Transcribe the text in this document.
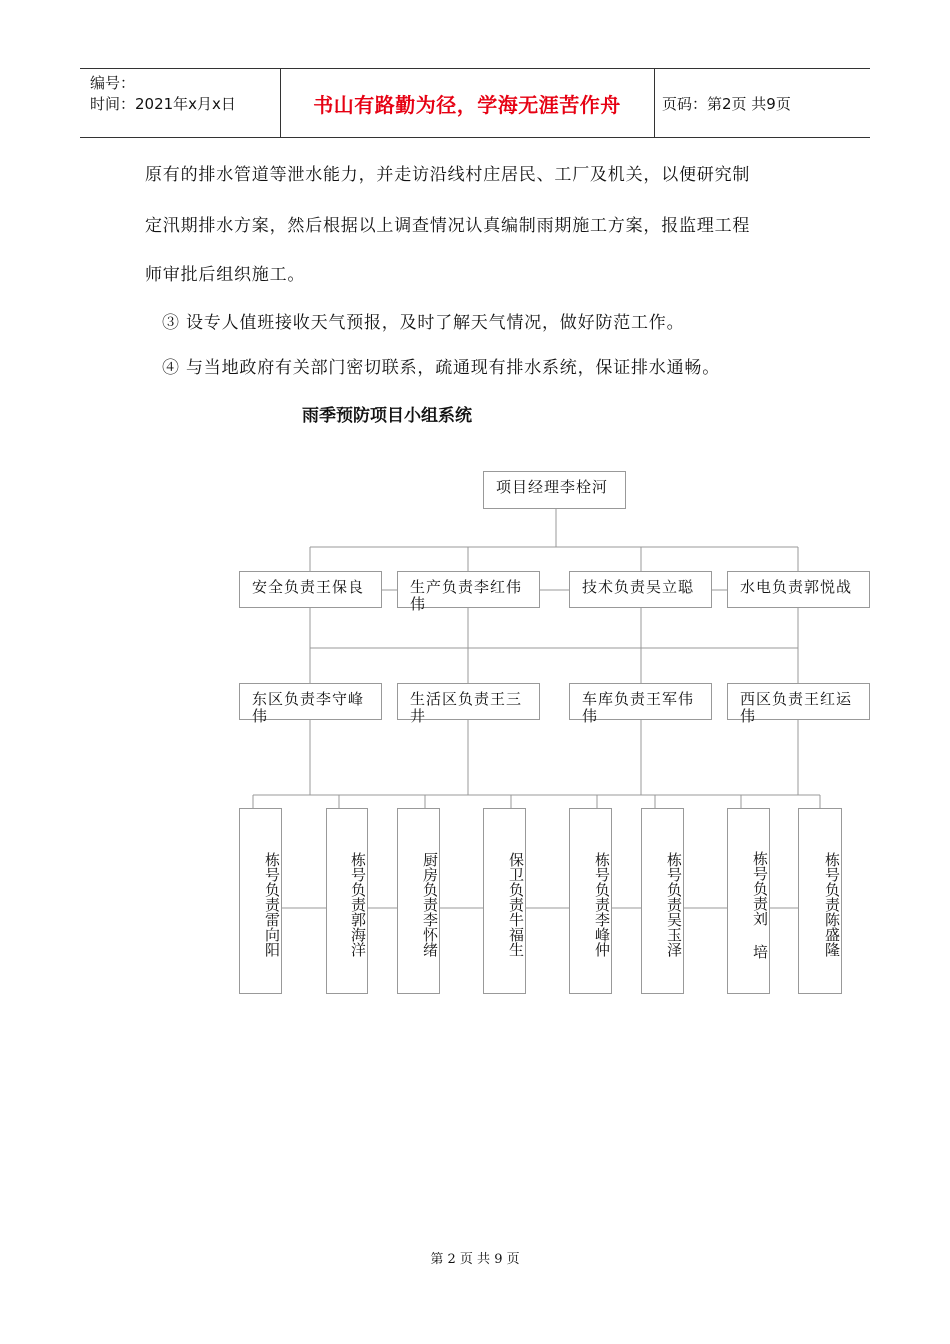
编号：
时间：2021年x月x日	书山有路勤为径，学海无涯苦作舟	页码：第2页 共9页
原有的排水管道等泄水能力，并走访沿线村庄居民、工厂及机关，以便研究制
定汛期排水方案，然后根据以上调查情况认真编制雨期施工方案，报监理工程
师审批后组织施工。
③ 设专人值班接收天气预报，及时了解天气情况，做好防范工作。
④ 与当地政府有关部门密切联系，疏通现有排水系统，保证排水通畅。
雨季预防项目小组系统
项目经理李栓河
安全负责王保良	生产负责李红伟伟
技术负责吴立聪	水电负责郭悦战
东区负责李守峰伟
生活区负责王三井
车库负责王军伟伟
西区负责王红运伟
栋号负责雷向阳	栋号负责郭海洋	厨房负责李怀绪	保卫负责牛福生	栋号负责李峰仲	栋号负责吴玉泽	栋号负责刘 培	栋号负责陈盛隆
第 2 页 共 9 页
